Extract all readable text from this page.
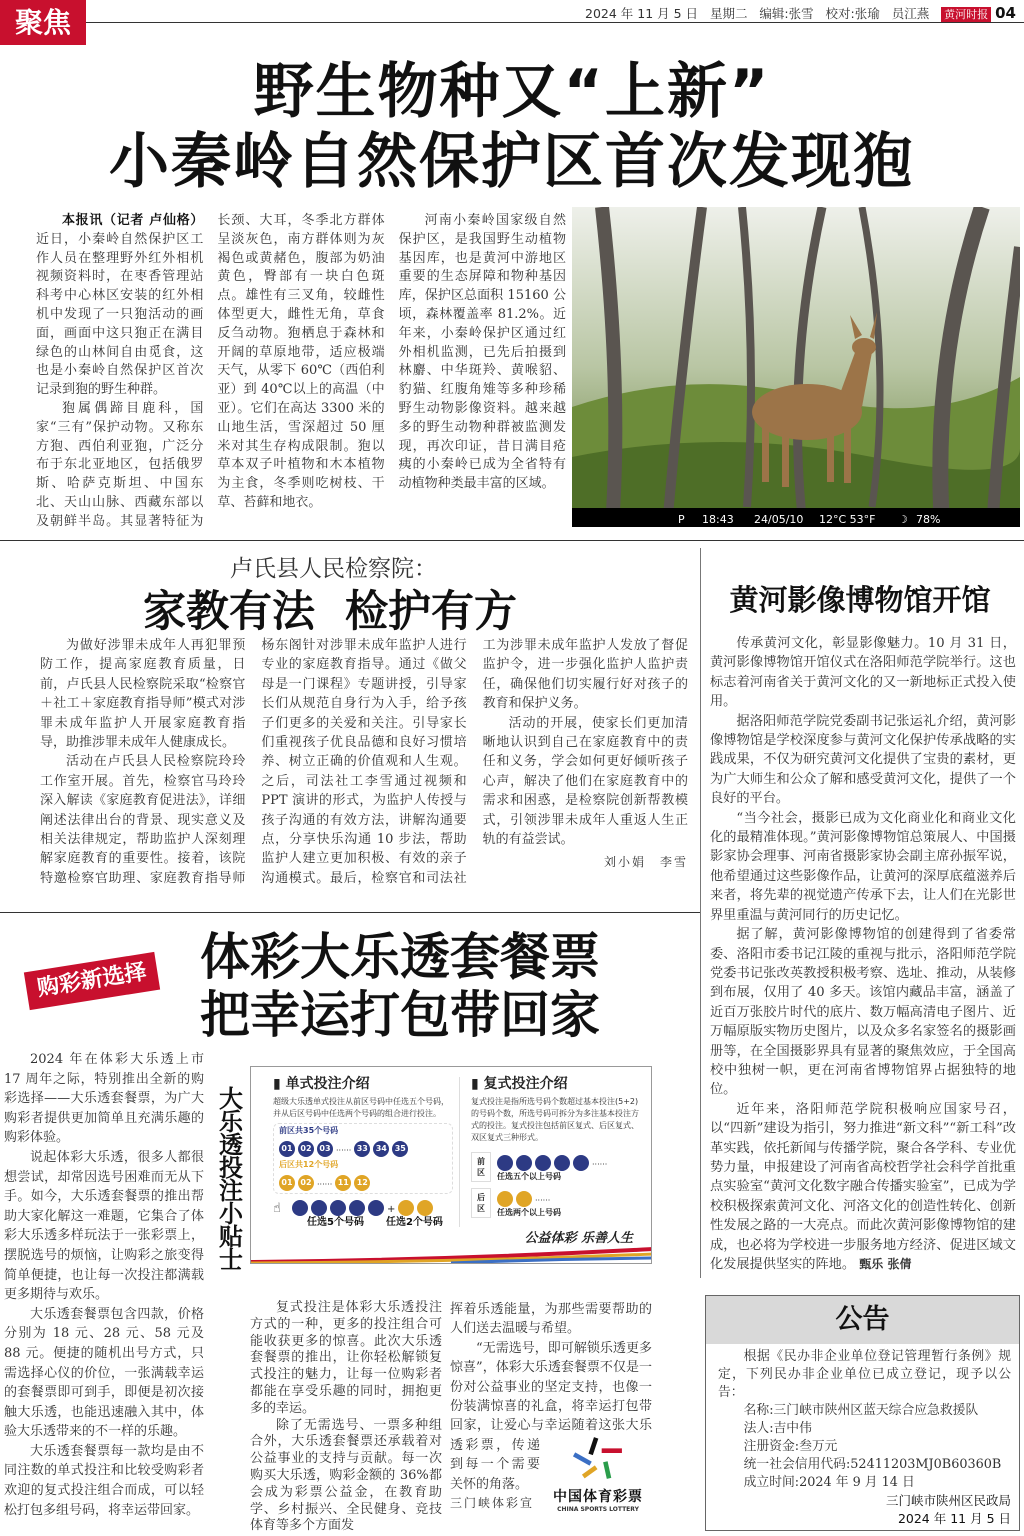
聚焦	2024 年 11 月 5 日 星期二 编辑:张雪 校对:张瑜 员江燕 黄河时报 04
野生物种又“上新”
小秦岭自然保护区首次发现狍

本报讯（记者 卢仙格）近日，小秦岭自然保护区工作人员在整理野外红外相机视频资料时，在枣香管理站科考中心林区安装的红外相机中发现了一只狍活动的画面，画面中这只狍正在满目绿色的山林间自由觅食，这也是小秦岭自然保护区首次记录到狍的野生种群。

狍属偶蹄目鹿科，国家“三有”保护动物。又称东方狍、西伯利亚狍，广泛分布于东北亚地区，包括俄罗斯、哈萨克斯坦、中国东北、天山山脉、西藏东部以及朝鲜半岛。其显著特征为长颈、大耳，冬季北方群体呈淡灰色，南方群体则为灰褐色或黄赭色，腹部为奶油黄色，臀部有一块白色斑点。雄性有三叉角，较雌性体型更大，雌性无角，草食反刍动物。狍栖息于森林和开阔的草原地带，适应极端天气，从零下 60℃（西伯利亚）到 40℃以上的高温（中亚）。它们在高达 3300 米的山地生活，雪深超过 50 厘米对其生存构成限制。狍以草本双子叶植物和木本植物为主食，冬季则吃树枝、干草、苔藓和地衣。

河南小秦岭国家级自然保护区，是我国野生动植物基因库，也是黄河中游地区重要的生态屏障和物种基因库，保护区总面积 15160 公顷，森林覆盖率 81.2%。近年来，小秦岭保护区通过红外相机监测，已先后拍摄到林麝、中华斑羚、黄喉貂、豹猫、红腹角雉等多种珍稀野生动物影像资料。越来越多的野生动物种群被监测发现，再次印证，昔日满目疮痍的小秦岭已成为全省特有动植物种类最丰富的区域。

P 18:43 24/05/10 12°C 53°F ☽ 78%
卢氏县人民检察院：
家教有法  检护有方

为做好涉罪未成年人再犯罪预防工作，提高家庭教育质量，日前，卢氏县人民检察院采取“检察官＋社工＋家庭教育指导师”模式对涉罪未成年监护人开展家庭教育指导，助推涉罪未成年人健康成长。

活动在卢氏县人民检察院玲玲工作室开展。首先，检察官马玲玲深入解读《家庭教育促进法》，详细阐述法律出台的背景、现实意义及相关法律规定，帮助监护人深刻理解家庭教育的重要性。接着，该院特邀检察官助理、家庭教育指导师杨东阁针对涉罪未成年监护人进行专业的家庭教育指导。通过《做父母是一门课程》专题讲授，引导家长们从规范自身行为入手，给予孩子们更多的关爱和关注。引导家长们重视孩子优良品德和良好习惯培养、树立正确的价值观和人生观。之后，司法社工李雪通过视频和 PPT 演讲的形式，为监护人传授与孩子沟通的有效方法，讲解沟通要点，分享快乐沟通 10 步法，帮助监护人建立更加积极、有效的亲子沟通模式。最后，检察官和司法社工为涉罪未成年监护人发放了督促监护令，进一步强化监护人监护责任，确保他们切实履行好对孩子的教育和保护义务。

活动的开展，使家长们更加清晰地认识到自己在家庭教育中的责任和义务，学会如何更好倾听孩子心声，解决了他们在家庭教育中的需求和困惑，是检察院创新帮教模式，引领涉罪未成年人重返人生正轨的有益尝试。

刘小娟　李雪

黄河影像博物馆开馆

传承黄河文化，彰显影像魅力。10 月 31 日，黄河影像博物馆开馆仪式在洛阳师范学院举行。这也标志着河南省关于黄河文化的又一新地标正式投入使用。

据洛阳师范学院党委副书记张运礼介绍，黄河影像博物馆是学校深度参与黄河文化保护传承战略的实践成果，不仅为研究黄河文化提供了宝贵的素材，更为广大师生和公众了解和感受黄河文化，提供了一个良好的平台。

“当今社会，摄影已成为文化商业化和商业文化化的最精准体现。”黄河影像博物馆总策展人、中国摄影家协会理事、河南省摄影家协会副主席孙振军说，他希望通过这些影像作品，让黄河的深厚底蕴滋养后来者，将先辈的视觉遗产传承下去，让人们在光影世界里重温与黄河同行的历史记忆。

据了解，黄河影像博物馆的创建得到了省委常委、洛阳市委书记江陵的重视与批示，洛阳师范学院党委书记张改英教授积极考察、选址、推动，从装修到布展，仅用了 40 多天。该馆内藏品丰富，涵盖了近百万张胶片时代的底片、数万幅高清电子图片、近万幅原版实物历史图片，以及众多名家签名的摄影画册等，在全国摄影界具有显著的聚焦效应，于全国高校中独树一帜，更在河南省博物馆界占据独特的地位。

近年来，洛阳师范学院积极响应国家号召，以“四新”建设为指引，努力推进“新文科”“新工科”改革实践，依托新闻与传播学院，聚合各学科、专业优势力量，申报建设了河南省高校哲学社会科学首批重点实验室“黄河文化数字融合传播实验室”，已成为学校积极探索黄河文化、河洛文化的创造性转化、创新性发展之路的一大亮点。而此次黄河影像博物馆的建成，也必将为学校进一步服务地方经济、促进区域文化发展提供坚实的阵地。 甄乐 张倩

购彩新选择 体彩大乐透套餐票
把幸运打包带回家

2024 年在体彩大乐透上市 17 周年之际，特别推出全新的购彩选择——大乐透套餐票，为广大购彩者提供更加简单且充满乐趣的购彩体验。

说起体彩大乐透，很多人都很想尝试，却常因选号困难而无从下手。如今，大乐透套餐票的推出帮助大家化解这一难题，它集合了体彩大乐透多样玩法于一张彩票上，摆脱选号的烦恼，让购彩之旅变得简单便捷，也让每一次投注都满载更多期待与欢乐。

大乐透套餐票包含四款，价格分别为 18 元、28 元、58 元及 88 元。便捷的随机出号方式，只需选择心仪的价位，一张满载幸运的套餐票即可到手，即便是初次接触大乐透，也能迅速融入其中，体验大乐透带来的不一样的乐趣。

大乐透套餐票每一款均是由不同注数的单式投注和比较受购彩者欢迎的复式投注组合而成，可以轻松打包多组号码，将幸运带回家。

大乐透投注小贴士
▮ 单式投注介绍
超级大乐透单式投注从前区号码中任选五个号码，并从后区号码中任选两个号码的组合进行投注。
前区共35个号码
01 02 03 ······ 33 34 35
后区共12个号码
01 02 ······ 11 12
☝	+
任选5个号码 任选2个号码
▮ 复式投注介绍
复式投注是指所选号码个数超过基本投注(5+2)的号码个数，所选号码可拆分为多注基本投注方式的投注。复式投注包括前区复式、后区复式、双区复式三种形式。
前区
······
任选五个以上号码
后区
······
任选两个以上号码
公益体彩 乐善人生

复式投注是体彩大乐透投注方式的一种，更多的投注组合可能收获更多的惊喜。此次大乐透套餐票的推出，让你轻松解锁复式投注的魅力，让每一位购彩者都能在享受乐趣的同时，拥抱更多的幸运。

除了无需选号、一票多种组合外，大乐透套餐票还承载着对公益事业的支持与贡献。每一次购买大乐透，购彩金额的 36%都会成为彩票公益金，在教育助学、乡村振兴、全民健身、竞技体育等多个方面发

中国体育彩票
CHINA SPORTS LOTTERY
挥着乐透能量，为那些需要帮助的人们送去温暖与希望。

“无需选号，即可解锁乐透更多惊喜”，体彩大乐透套餐票不仅是一份对公益事业的坚定支持，也像一份装满惊喜的礼盒，将幸运打包带回家，让爱心与幸运随着这张大乐透彩票，传递到每一个需要关怀的角落。

三门峡体彩宣
公告

根据《民办非企业单位登记管理暂行条例》规定，下列民办非企业单位已成立登记，现予以公告：

名称:三门峡市陕州区蓝天综合应急救援队

法人:吉中伟

注册资金:叁万元

统一社会信用代码:52411203MJ0B60360B

成立时间:2024 年 9 月 14 日

三门峡市陕州区民政局
2024 年 11 月 5 日
